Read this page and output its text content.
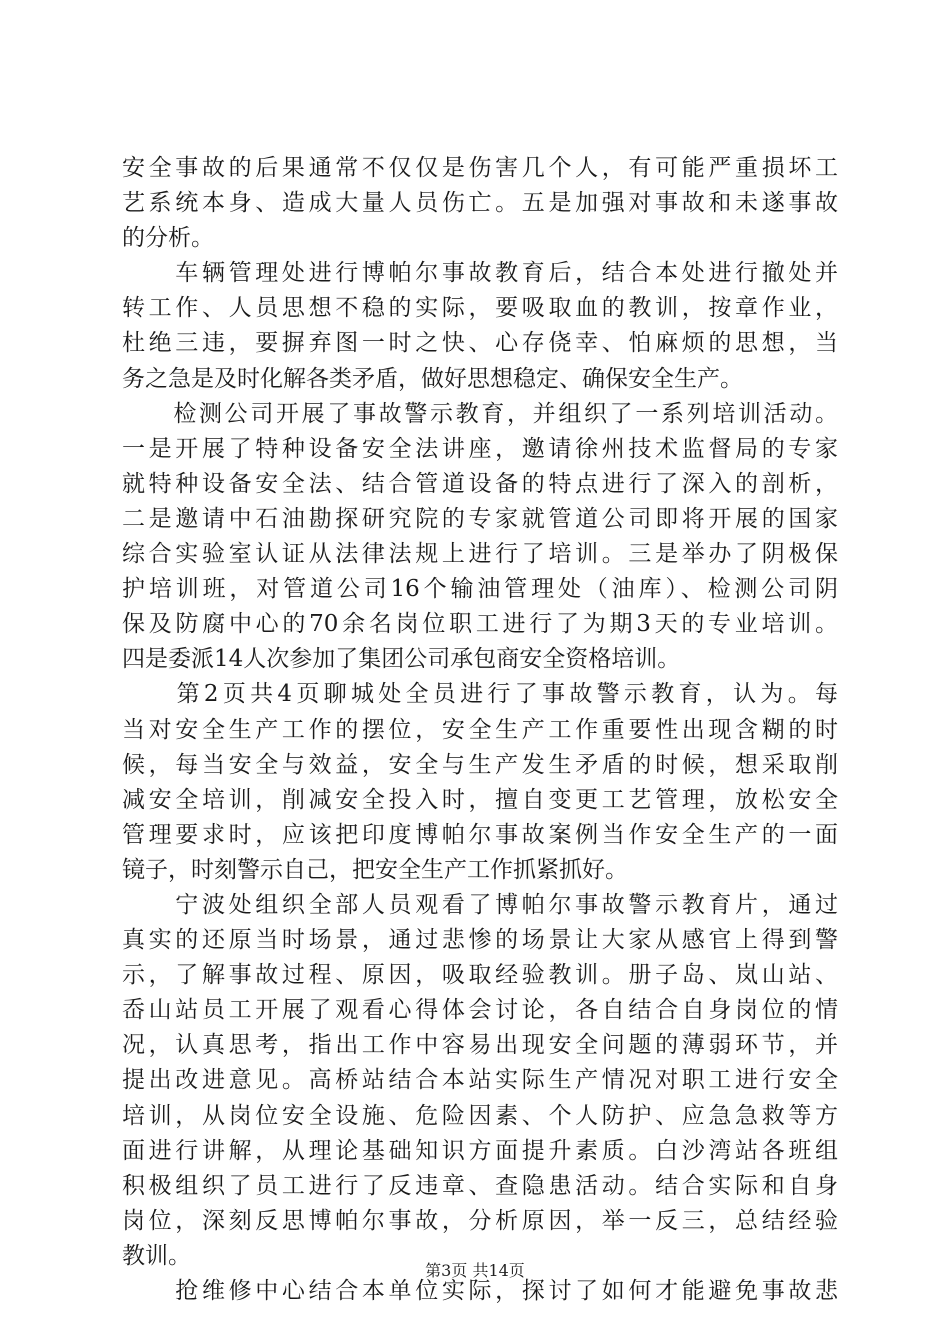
安全事故的后果通常不仅仅是伤害几个人，有可能严重损坏工
艺系统本身、造成大量人员伤亡。五是加强对事故和未遂事故
的分析。
　　车辆管理处进行博帕尔事故教育后，结合本处进行撤处并
转工作、人员思想不稳的实际，要吸取血的教训，按章作业，
杜绝三违，要摒弃图一时之快、心存侥幸、怕麻烦的思想，当
务之急是及时化解各类矛盾，做好思想稳定、确保安全生产。
　　检测公司开展了事故警示教育，并组织了一系列培训活动。
一是开展了特种设备安全法讲座，邀请徐州技术监督局的专家
就特种设备安全法、结合管道设备的特点进行了深入的剖析，
二是邀请中石油勘探研究院的专家就管道公司即将开展的国家
综合实验室认证从法律法规上进行了培训。三是举办了阴极保
护培训班，对管道公司16个输油管理处（油库）、检测公司阴
保及防腐中心的70余名岗位职工进行了为期3天的专业培训。
四是委派14人次参加了集团公司承包商安全资格培训。
　　第2页共4页聊城处全员进行了事故警示教育，认为。每
当对安全生产工作的摆位，安全生产工作重要性出现含糊的时
候，每当安全与效益，安全与生产发生矛盾的时候，想采取削
减安全培训，削减安全投入时，擅自变更工艺管理，放松安全
管理要求时，应该把印度博帕尔事故案例当作安全生产的一面
镜子，时刻警示自己，把安全生产工作抓紧抓好。
　　宁波处组织全部人员观看了博帕尔事故警示教育片，通过
真实的还原当时场景，通过悲惨的场景让大家从感官上得到警
示，了解事故过程、原因，吸取经验教训。册子岛、岚山站、
岙山站员工开展了观看心得体会讨论，各自结合自身岗位的情
况，认真思考，指出工作中容易出现安全问题的薄弱环节，并
提出改进意见。高桥站结合本站实际生产情况对职工进行安全
培训，从岗位安全设施、危险因素、个人防护、应急急救等方
面进行讲解，从理论基础知识方面提升素质。白沙湾站各班组
积极组织了员工进行了反违章、查隐患活动。结合实际和自身
岗位，深刻反思博帕尔事故，分析原因，举一反三，总结经验
教训。
　　抢维修中心结合本单位实际，探讨了如何才能避免事故悲
第3页 共14页
